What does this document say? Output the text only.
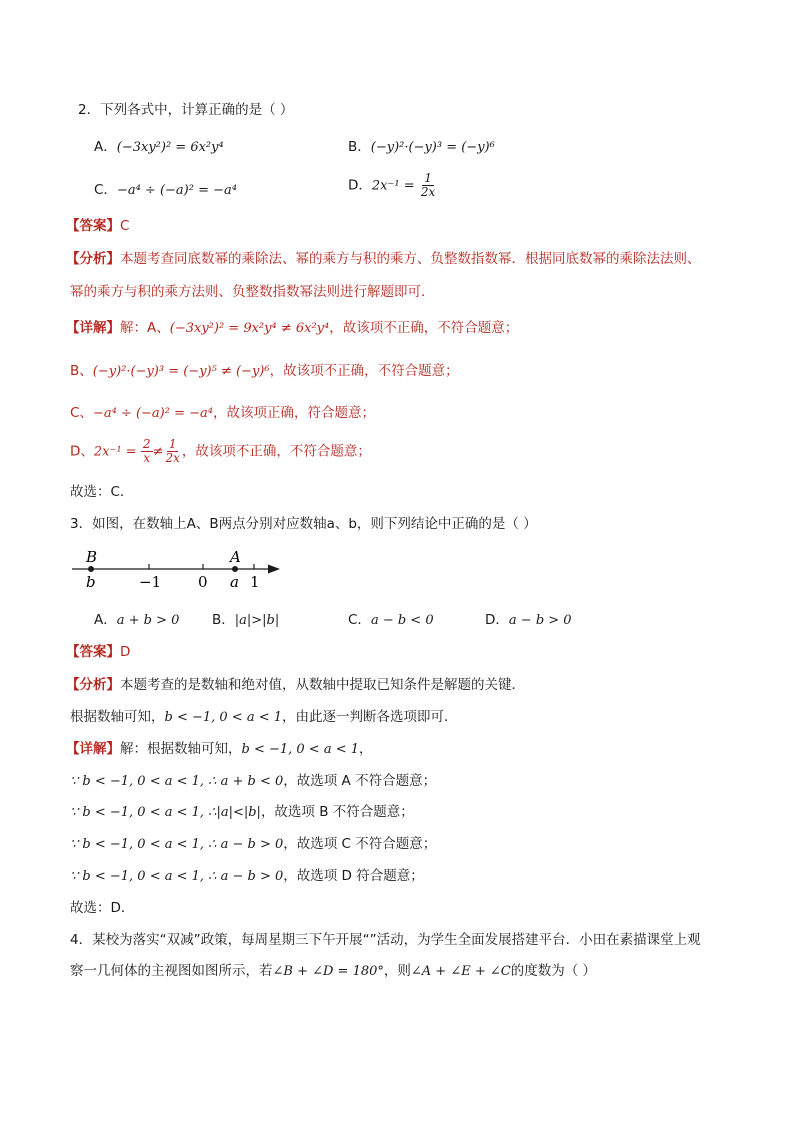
2．下列各式中，计算正确的是（ ）
A．(−3xy²)² = 6x²y⁴	B．(−y)²·(−y)³ = (−y)⁶
C．−a⁴ ÷ (−a)² = −a⁴	D．$2x^{-1} = \frac{1}{2x}$
【答案】C
【分析】本题考查同底数幂的乘除法、幂的乘方与积的乘方、负整数指数幂．根据同底数幂的乘除法法则、
幂的乘方与积的乘方法则、负整数指数幂法则进行解题即可．
【详解】解：A、(−3xy²)² = 9x²y⁴ ≠ 6x²y⁴，故该项不正确，不符合题意；
B、(−y)²·(−y)³ = (−y)⁵ ≠ (−y)⁶，故该项不正确，不符合题意；
C、−a⁴ ÷ (−a)² = −a⁴，故该项正确，符合题意；
D、$2x^{-1} = \frac{2}{x} \ne \frac{1}{2x}$ ，故该项不正确，不符合题意；
故选：C．
3．如图，在数轴上A、B两点分别对应数轴a、b，则下列结论中正确的是（ ）
B	A
b	−1 0 a 1
A．a + b > 0 B．|a|>|b|	C．a − b < 0	D．a − b > 0
【答案】D
【分析】本题考查的是数轴和绝对值，从数轴中提取已知条件是解题的关键．
根据数轴可知，b < −1, 0 < a < 1，由此逐一判断各选项即可．
【详解】解：根据数轴可知，b < −1, 0 < a < 1，
∵ b < −1, 0 < a < 1, ∴ a + b < 0，故选项 A 不符合题意；
∵ b < −1, 0 < a < 1, ∴|a|<|b|，故选项 B 不符合题意；
∵ b < −1, 0 < a < 1, ∴ a − b > 0，故选项 C 不符合题意；
∵ b < −1, 0 < a < 1, ∴ a − b > 0，故选项 D 符合题意；
故选：D．
4．某校为落实“双减”政策，每周星期三下午开展“”活动，为学生全面发展搭建平台．小田在素描课堂上观
察一几何体的主视图如图所示，若∠B + ∠D = 180°，则∠A + ∠E + ∠C的度数为（ ）
